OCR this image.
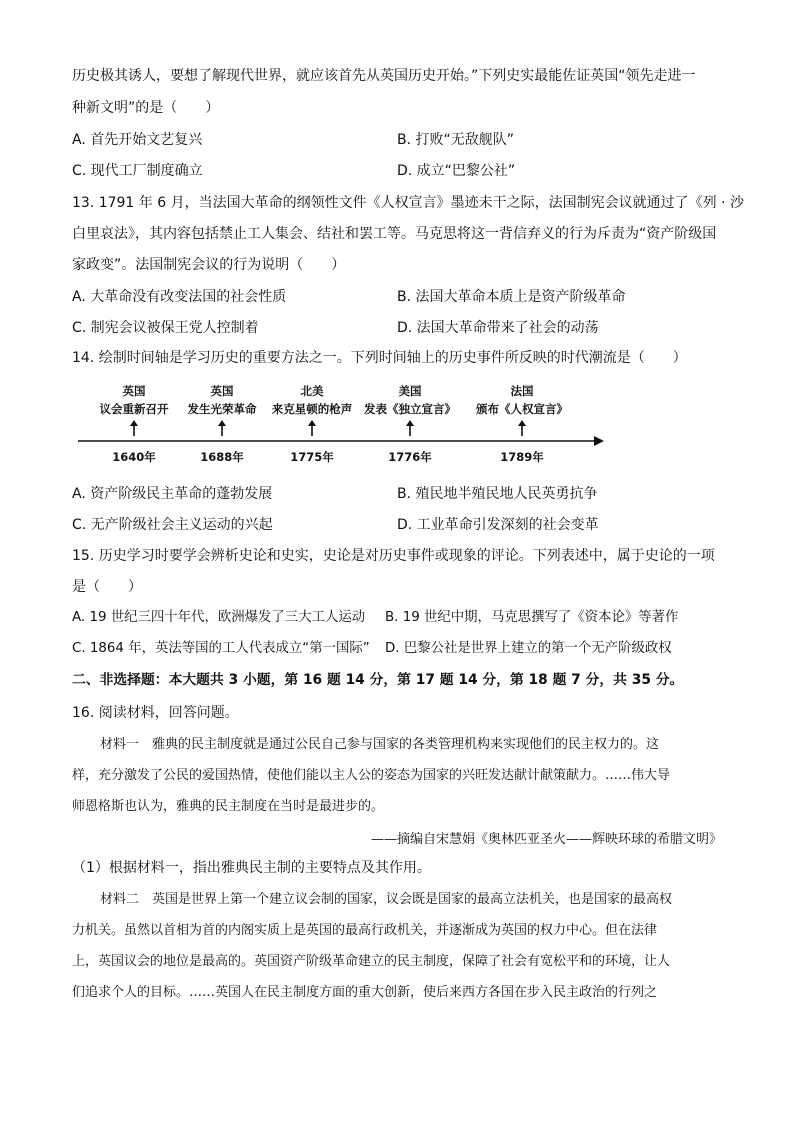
历史极其诱人，要想了解现代世界，就应该首先从英国历史开始。”下列史实最能佐证英国“领先走进一
种新文明”的是（　　）
A. 首先开始文艺复兴	B. 打败“无敌舰队”
C. 现代工厂制度确立	D. 成立“巴黎公社”
13. 1791 年 6 月，当法国大革命的纲领性文件《人权宣言》墨迹未干之际，法国制宪会议就通过了《列 · 沙
白里哀法》，其内容包括禁止工人集会、结社和罢工等。马克思将这一背信弃义的行为斥责为“资产阶级国
家政变”。法国制宪会议的行为说明（　　）
A. 大革命没有改变法国的社会性质	B. 法国大革命本质上是资产阶级革命
C. 制宪会议被保王党人控制着	D. 法国大革命带来了社会的动荡
14. 绘制时间轴是学习历史的重要方法之一。下列时间轴上的历史事件所反映的时代潮流是（　　）
英国
议会重新召开
1640年
英国
发生光荣革命
1688年
北美
来克星顿的枪声
1775年
美国
发表《独立宣言》
1776年
法国
颁布《人权宣言》
1789年
A. 资产阶级民主革命的蓬勃发展	B. 殖民地半殖民地人民英勇抗争
C. 无产阶级社会主义运动的兴起	D. 工业革命引发深刻的社会变革
15. 历史学习时要学会辨析史论和史实，史论是对历史事件或现象的评论。下列表述中，属于史论的一项
是（　　）
A. 19 世纪三四十年代，欧洲爆发了三大工人运动 B. 19 世纪中期，马克思撰写了《资本论》等著作
C. 1864 年，英法等国的工人代表成立“第一国际” D. 巴黎公社是世界上建立的第一个无产阶级政权
二、非选择题：本大题共 3 小题，第 16 题 14 分，第 17 题 14 分，第 18 题 7 分，共 35 分。
16. 阅读材料，回答问题。
材料一　雅典的民主制度就是通过公民自己参与国家的各类管理机构来实现他们的民主权力的。这
样，充分激发了公民的爱国热情，使他们能以主人公的姿态为国家的兴旺发达献计献策献力。……伟大导
师恩格斯也认为，雅典的民主制度在当时是最进步的。
——摘编自宋慧娟《奥林匹亚圣火——辉映环球的希腊文明》
（1）根据材料一，指出雅典民主制的主要特点及其作用。
材料二　英国是世界上第一个建立议会制的国家，议会既是国家的最高立法机关，也是国家的最高权
力机关。虽然以首相为首的内阁实质上是英国的最高行政机关，并逐渐成为英国的权力中心。但在法律
上，英国议会的地位是最高的。英国资产阶级革命建立的民主制度，保障了社会有宽松平和的环境，让人
们追求个人的目标。……英国人在民主制度方面的重大创新，使后来西方各国在步入民主政治的行列之
